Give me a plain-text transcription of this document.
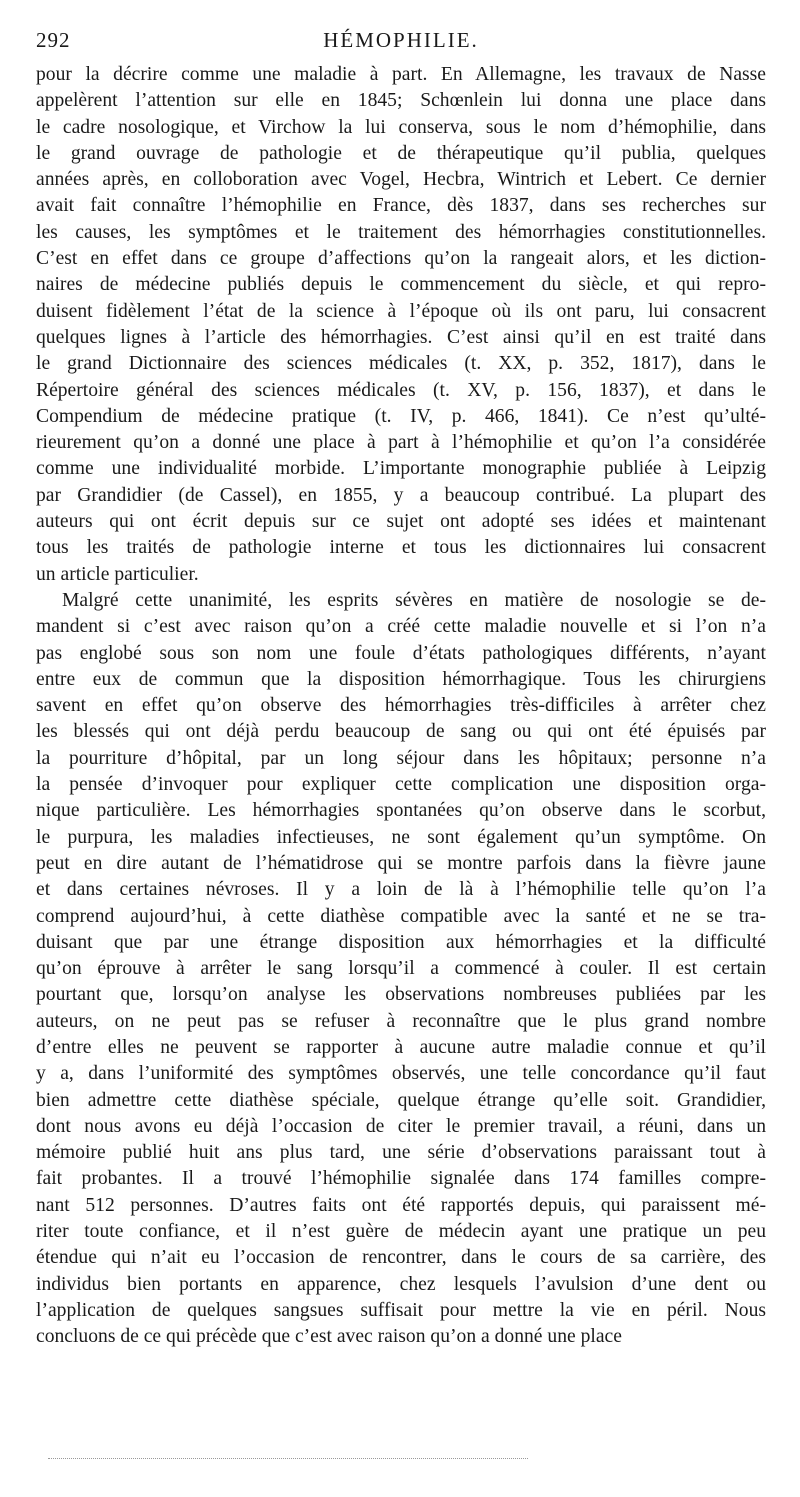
292	HÉMOPHILIE.
pour la décrire comme une maladie à part. En Allemagne, les travaux de Nasse
appelèrent l’attention sur elle en 1845; Schœnlein lui donna une place dans
le cadre nosologique, et Virchow la lui conserva, sous le nom d’hémophilie, dans
le grand ouvrage de pathologie et de thérapeutique qu’il publia, quelques
années après, en colloboration avec Vogel, Hecbra, Wintrich et Lebert. Ce dernier
avait fait connaître l’hémophilie en France, dès 1837, dans ses recherches sur
les causes, les symptômes et le traitement des hémorrhagies constitutionnelles.
C’est en effet dans ce groupe d’affections qu’on la rangeait alors, et les diction-
naires de médecine publiés depuis le commencement du siècle, et qui repro-
duisent fidèlement l’état de la science à l’époque où ils ont paru, lui consacrent
quelques lignes à l’article des hémorrhagies. C’est ainsi qu’il en est traité dans
le grand Dictionnaire des sciences médicales (t. XX, p. 352, 1817), dans le
Répertoire général des sciences médicales (t. XV, p. 156, 1837), et dans le
Compendium de médecine pratique (t. IV, p. 466, 1841). Ce n’est qu’ulté-
rieurement qu’on a donné une place à part à l’hémophilie et qu’on l’a considérée
comme une individualité morbide. L’importante monographie publiée à Leipzig
par Grandidier (de Cassel), en 1855, y a beaucoup contribué. La plupart des
auteurs qui ont écrit depuis sur ce sujet ont adopté ses idées et maintenant
tous les traités de pathologie interne et tous les dictionnaires lui consacrent
un article particulier.
Malgré cette unanimité, les esprits sévères en matière de nosologie se de-
mandent si c’est avec raison qu’on a créé cette maladie nouvelle et si l’on n’a
pas englobé sous son nom une foule d’états pathologiques différents, n’ayant
entre eux de commun que la disposition hémorrhagique. Tous les chirurgiens
savent en effet qu’on observe des hémorrhagies très-difficiles à arrêter chez
les blessés qui ont déjà perdu beaucoup de sang ou qui ont été épuisés par
la pourriture d’hôpital, par un long séjour dans les hôpitaux; personne n’a
la pensée d’invoquer pour expliquer cette complication une disposition orga-
nique particulière. Les hémorrhagies spontanées qu’on observe dans le scorbut,
le purpura, les maladies infectieuses, ne sont également qu’un symptôme. On
peut en dire autant de l’hématidrose qui se montre parfois dans la fièvre jaune
et dans certaines névroses. Il y a loin de là à l’hémophilie telle qu’on l’a
comprend aujourd’hui, à cette diathèse compatible avec la santé et ne se tra-
duisant que par une étrange disposition aux hémorrhagies et la difficulté
qu’on éprouve à arrêter le sang lorsqu’il a commencé à couler. Il est certain
pourtant que, lorsqu’on analyse les observations nombreuses publiées par les
auteurs, on ne peut pas se refuser à reconnaître que le plus grand nombre
d’entre elles ne peuvent se rapporter à aucune autre maladie connue et qu’il
y a, dans l’uniformité des symptômes observés, une telle concordance qu’il faut
bien admettre cette diathèse spéciale, quelque étrange qu’elle soit. Grandidier,
dont nous avons eu déjà l’occasion de citer le premier travail, a réuni, dans un
mémoire publié huit ans plus tard, une série d’observations paraissant tout à
fait probantes. Il a trouvé l’hémophilie signalée dans 174 familles compre-
nant 512 personnes. D’autres faits ont été rapportés depuis, qui paraissent mé-
riter toute confiance, et il n’est guère de médecin ayant une pratique un peu
étendue qui n’ait eu l’occasion de rencontrer, dans le cours de sa carrière, des
individus bien portants en apparence, chez lesquels l’avulsion d’une dent ou
l’application de quelques sangsues suffisait pour mettre la vie en péril. Nous
concluons de ce qui précède que c’est avec raison qu’on a donné une place
